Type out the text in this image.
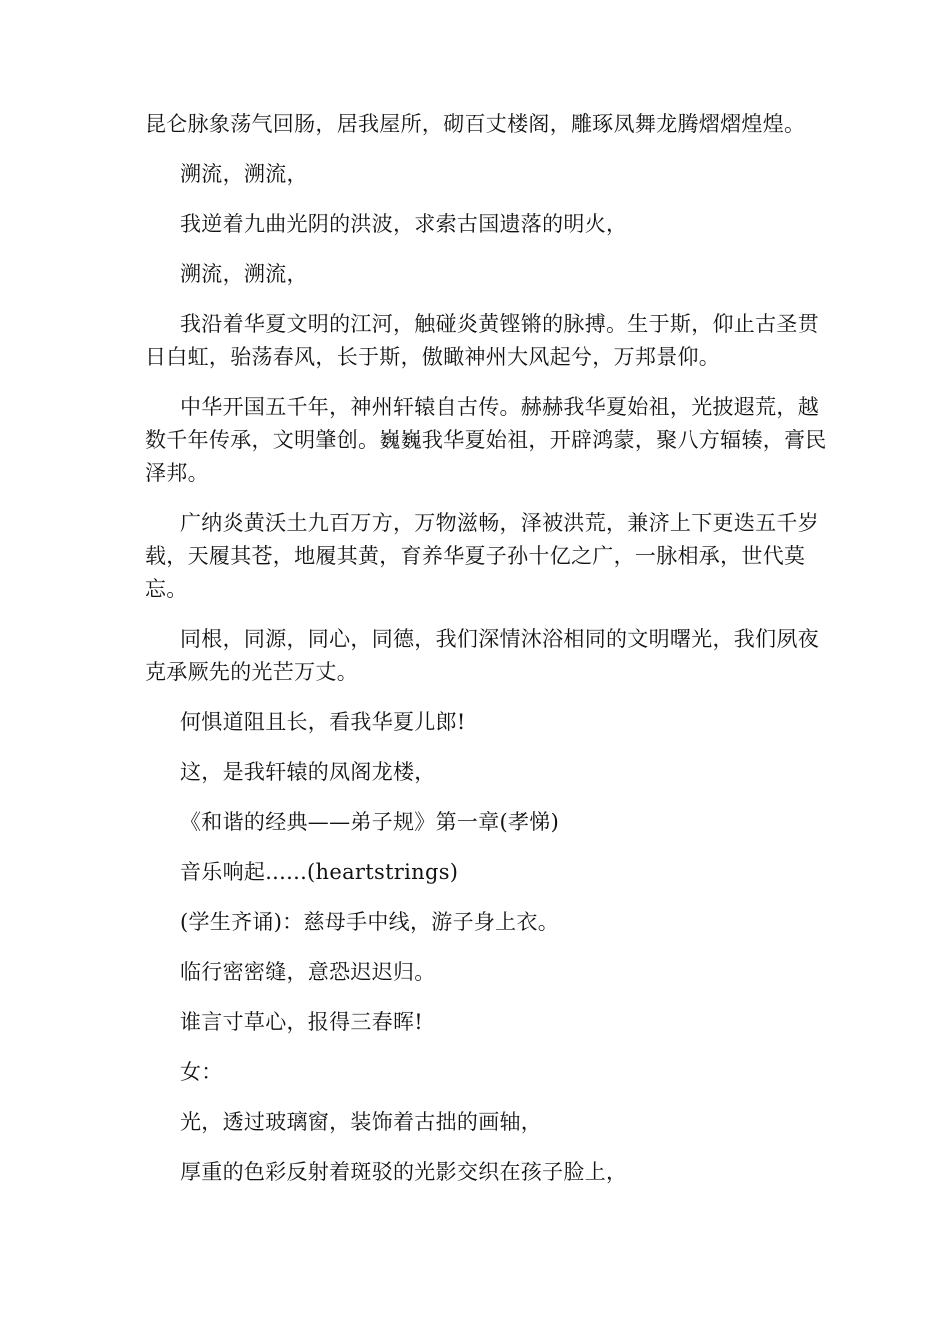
昆仑脉象荡气回肠，居我屋所，砌百丈楼阁，雕琢凤舞龙腾熠熠煌煌。

溯流，溯流，

我逆着九曲光阴的洪波，求索古国遗落的明火，

溯流，溯流，

我沿着华夏文明的江河，触碰炎黄铿锵的脉搏。生于斯，仰止古圣贯日白虹，骀荡春风，长于斯，傲瞰神州大风起兮，万邦景仰。

中华开国五千年，神州轩辕自古传。赫赫我华夏始祖，光披遐荒，越数千年传承，文明肇创。巍巍我华夏始祖，开辟鸿蒙，聚八方辐辏，膏民泽邦。

广纳炎黄沃土九百万方，万物滋畅，泽被洪荒，兼济上下更迭五千岁载，天履其苍，地履其黄，育养华夏子孙十亿之广，一脉相承，世代莫忘。

同根，同源，同心，同德，我们深情沐浴相同的文明曙光，我们夙夜克承厥先的光芒万丈。

何惧道阻且长，看我华夏儿郎!

这，是我轩辕的凤阁龙楼，

《和谐的经典——弟子规》第一章(孝悌)

音乐响起......(heartstrings)

(学生齐诵)：慈母手中线，游子身上衣。

临行密密缝，意恐迟迟归。

谁言寸草心，报得三春晖!

女：

光，透过玻璃窗，装饰着古拙的画轴，

厚重的色彩反射着斑驳的光影交织在孩子脸上，
